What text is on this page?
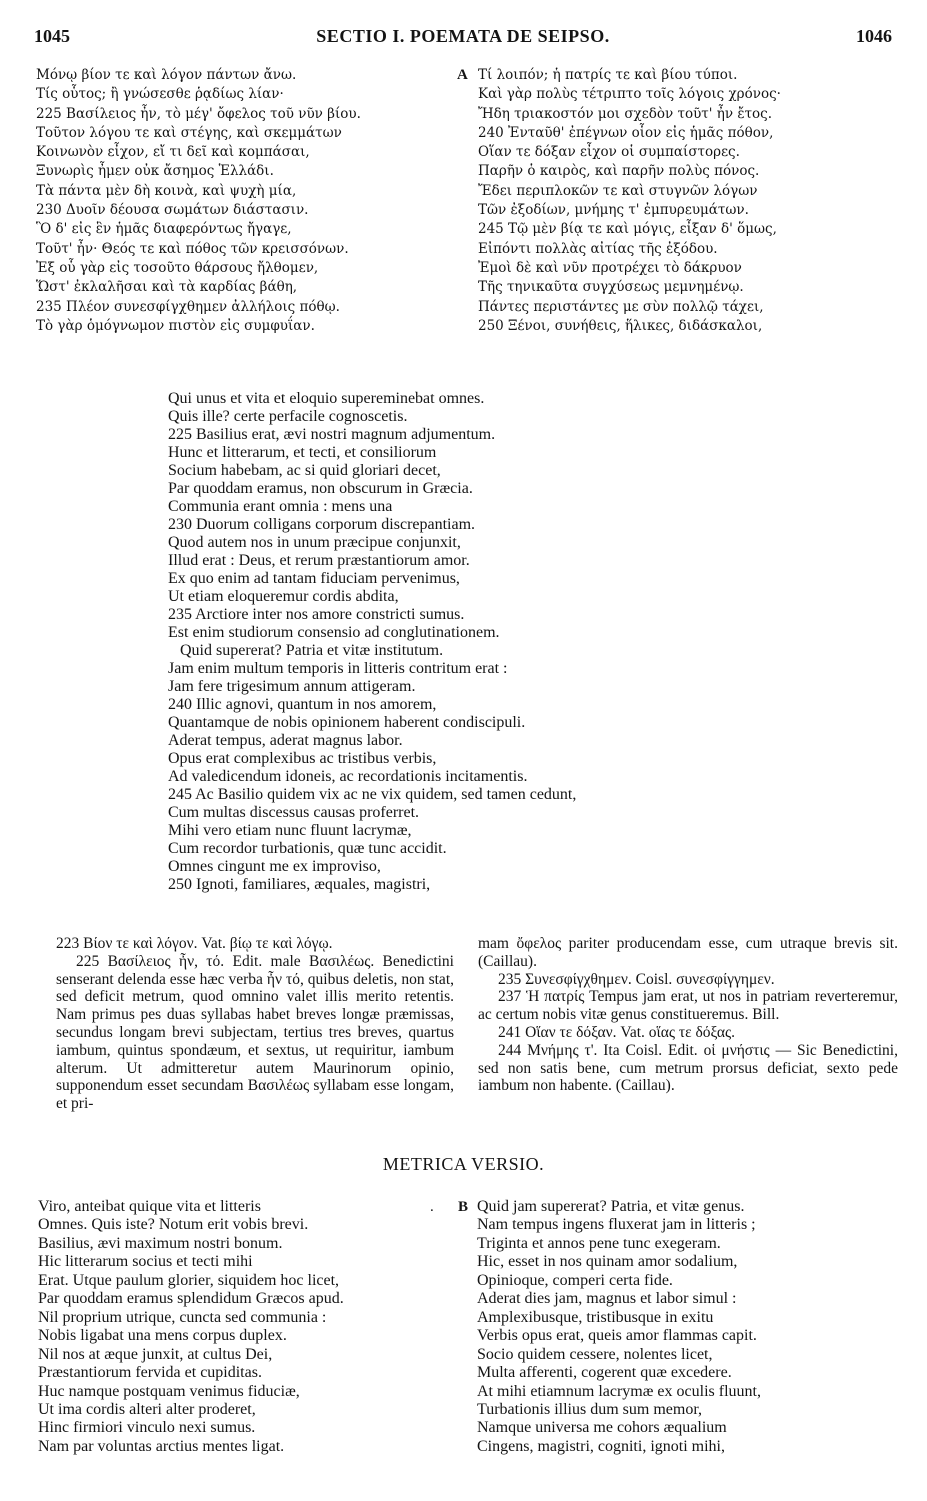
1045	SECTIO I. POEMATA DE SEIPSO.	1046
Μόνῳ βίον τε καὶ λόγον πάντων ἄνω.
Τίς οὗτος; ἢ γνώσεσθε ῥᾳδίως λίαν·
225 Βασίλειος ἦν, τὸ μέγ' ὄφελος τοῦ νῦν βίου.
Τοῦτον λόγου τε καὶ στέγης, καὶ σκεμμάτων
Κοινωνὸν εἶχον, εἴ τι δεῖ καὶ κομπάσαι,
Ξυνωρὶς ἦμεν οὐκ ἄσημος Ἑλλάδι.
Τὰ πάντα μὲν δὴ κοινὰ, καὶ ψυχὴ μία,
230 Δυοῖν δέουσα σωμάτων διάστασιν.
Ὃ δ' εἰς ἓν ἡμᾶς διαφερόντως ἤγαγε,
Τοῦτ' ἦν· Θεός τε καὶ πόθος τῶν κρεισσόνων.
Ἐξ οὗ γὰρ εἰς τοσοῦτο θάρσους ἤλθομεν,
Ὥστ' ἐκλαλῆσαι καὶ τὰ καρδίας βάθη,
235 Πλέον συνεσφίγχθημεν ἀλλήλοις πόθῳ.
Τὸ γὰρ ὁμόγνωμον πιστὸν εἰς συμφυΐαν.
A Τί λοιπόν; ἡ πατρίς τε καὶ βίου τύποι.
Καὶ γὰρ πολὺς τέτριπτο τοῖς λόγοις χρόνος·
Ἤδη τριακοστόν μοι σχεδὸν τοῦτ' ἦν ἔτος.
240 Ἐνταῦθ' ἐπέγνων οἷον εἰς ἡμᾶς πόθον,
Οἵαν τε δόξαν εἶχον οἱ συμπαίστορες.
Παρῆν ὁ καιρὸς, καὶ παρῆν πολὺς πόνος.
Ἔδει περιπλοκῶν τε καὶ στυγνῶν λόγων
Τῶν ἐξοδίων, μνήμης τ' ἐμπυρευμάτων.
245 Τῷ μὲν βίᾳ τε καὶ μόγις, εἶξαν δ' ὅμως,
Εἰπόντι πολλὰς αἰτίας τῆς ἐξόδου.
Ἐμοὶ δὲ καὶ νῦν προτρέχει τὸ δάκρυον
Τῆς τηνικαῦτα συγχύσεως μεμνημένῳ.
Πάντες περιστάντες με σὺν πολλῷ τάχει,
250 Ξένοι, συνήθεις, ἥλικες, διδάσκαλοι,
Qui unus et vita et eloquio supereminebat omnes.
Quis ille? certe perfacile cognoscetis.
225 Basilius erat, ævi nostri magnum adjumentum.
Hunc et litterarum, et tecti, et consiliorum
Socium habebam, ac si quid gloriari decet,
Par quoddam eramus, non obscurum in Græcia.
Communia erant omnia : mens una
230 Duorum colligans corporum discrepantiam.
Quod autem nos in unum præcipue conjunxit,
Illud erat : Deus, et rerum præstantiorum amor.
Ex quo enim ad tantam fiduciam pervenimus,
Ut etiam eloqueremur cordis abdita,
235 Arctiore inter nos amore constricti sumus.
Est enim studiorum consensio ad conglutinationem.
Quid supererat? Patria et vitæ institutum.
Jam enim multum temporis in litteris contritum erat :
Jam fere trigesimum annum attigeram.
240 Illic agnovi, quantum in nos amorem,
Quantamque de nobis opinionem haberent condiscipuli.
Aderat tempus, aderat magnus labor.
Opus erat complexibus ac tristibus verbis,
Ad valedicendum idoneis, ac recordationis incitamentis.
245 Ac Basilio quidem vix ac ne vix quidem, sed tamen cedunt,
Cum multas discessus causas proferret.
Mihi vero etiam nunc fluunt lacrymæ,
Cum recordor turbationis, quæ tunc accidit.
Omnes cingunt me ex improviso,
250 Ignoti, familiares, æquales, magistri,

223 Βίον τε καὶ λόγον. Vat. βίῳ τε καὶ λόγῳ.

225 Βασίλειος ἦν, τό. Edit. male Βασιλέως. Benedictini senserant delenda esse hæc verba ἦν τό, quibus deletis, non stat, sed deficit metrum, quod omnino valet illis merito retentis. Nam primus pes duas syllabas habet breves longæ præmissas, secundus longam brevi subjectam, tertius tres breves, quartus iambum, quintus spondæum, et sextus, ut requiritur, iambum alterum. Ut admitteretur autem Maurinorum opinio, supponendum esset secundam Βασιλέως syllabam esse longam, et pri-

mam ὄφελος pariter producendam esse, cum utraque brevis sit. (Caillau).

235 Συνεσφίγχθημεν. Coisl. συνεσφίγγημεν.

237 Ἡ πατρίς Tempus jam erat, ut nos in patriam reverteremur, ac certum nobis vitæ genus constitueremus. Bill.

241 Οἵαν τε δόξαν. Vat. οἵας τε δόξας.

244 Μνήμης τ'. Ita Coisl. Edit. οἱ μνήστις — Sic Benedictini, sed non satis bene, cum metrum prorsus deficiat, sexto pede iambum non habente. (Caillau).

METRICA VERSIO.
Viro, anteibat quique vita et litteris
Omnes. Quis iste? Notum erit vobis brevi.
Basilius, ævi maximum nostri bonum.
Hic litterarum socius et tecti mihi
Erat. Utque paulum glorier, siquidem hoc licet,
Par quoddam eramus splendidum Græcos apud.
Nil proprium utrique, cuncta sed communia :
Nobis ligabat una mens corpus duplex.
Nil nos at æque junxit, at cultus Dei,
Præstantiorum fervida et cupiditas.
Huc namque postquam venimus fiduciæ,
Ut ima cordis alteri alter proderet,
Hinc firmiori vinculo nexi sumus.
Nam par voluntas arctius mentes ligat.
. B Quid jam supererat? Patria, et vitæ genus.
Nam tempus ingens fluxerat jam in litteris ;
Triginta et annos pene tunc exegeram.
Hic, esset in nos quinam amor sodalium,
Opinioque, comperi certa fide.
Aderat dies jam, magnus et labor simul :
Amplexibusque, tristibusque in exitu
Verbis opus erat, queis amor flammas capit.
Socio quidem cessere, nolentes licet,
Multa afferenti, cogerent quæ excedere.
At mihi etiamnum lacrymæ ex oculis fluunt,
Turbationis illius dum sum memor,
Namque universa me cohors æqualium
Cingens, magistri, cogniti, ignoti mihi,
